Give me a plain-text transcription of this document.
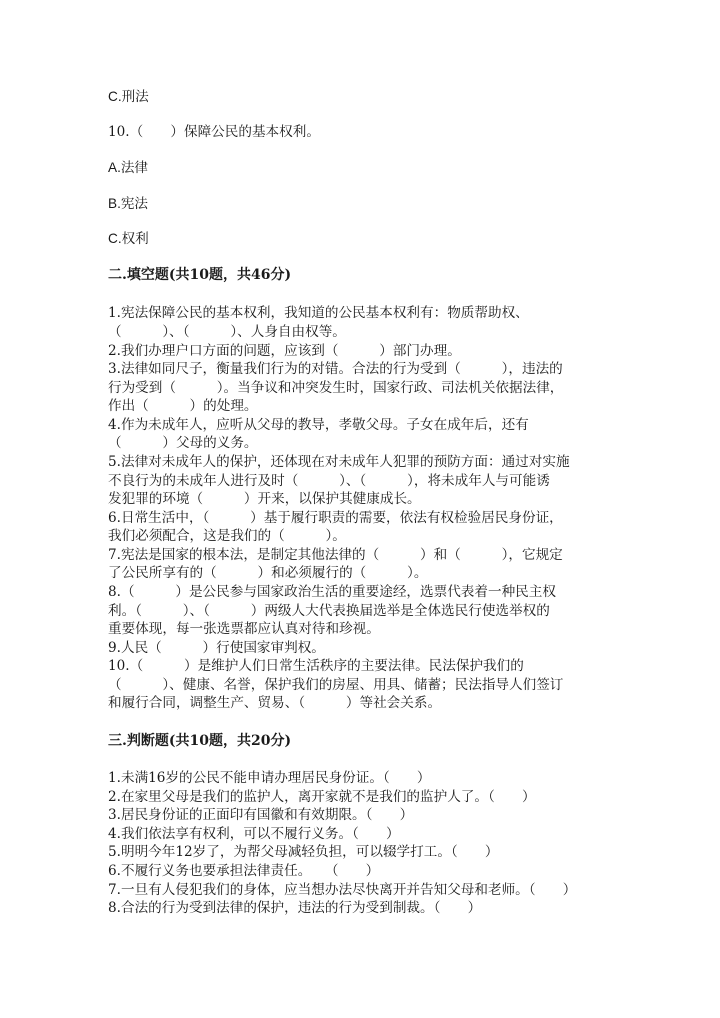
C.刑法
10.（　　）保障公民的基本权利。
A.法律
B.宪法
C.权利
二.填空题(共10题，共46分)
1.宪法保障公民的基本权利，我知道的公民基本权利有：物质帮助权、
（　　　）、（　　　）、人身自由权等。
2.我们办理户口方面的问题，应该到（　　　）部门办理。
3.法律如同尺子，衡量我们行为的对错。合法的行为受到（　　　），违法的
行为受到（　　　）。当争议和冲突发生时，国家行政、司法机关依据法律，
作出（　　　）的处理。
4.作为未成年人，应听从父母的教导，孝敬父母。子女在成年后，还有
（　　　）父母的义务。
5.法律对未成年人的保护，还体现在对未成年人犯罪的预防方面：通过对实施
不良行为的未成年人进行及时（　　　）、（　　　），将未成年人与可能诱
发犯罪的环境（　　　）开来，以保护其健康成长。
6.日常生活中，（　　　）基于履行职责的需要，依法有权检验居民身份证，
我们必须配合，这是我们的（　　　）。
7.宪法是国家的根本法，是制定其他法律的（　　　）和（　　　），它规定
了公民所享有的（　　　）和必须履行的（　　　）。
8.（　　　）是公民参与国家政治生活的重要途经，选票代表着一种民主权
利。（　　　）、（　　　）两级人大代表换届选举是全体选民行使选举权的
重要体现，每一张选票都应认真对待和珍视。
9.人民（　　　）行使国家审判权。
10.（　　　）是维护人们日常生活秩序的主要法律。民法保护我们的
（　　　）、健康、名誉，保护我们的房屋、用具、储蓄；民法指导人们签订
和履行合同，调整生产、贸易、（　　　）等社会关系。
三.判断题(共10题，共20分)
1.未满16岁的公民不能申请办理居民身份证。（　　）
2.在家里父母是我们的监护人，离开家就不是我们的监护人了。（　　）
3.居民身份证的正面印有国徽和有效期限。（　　）
4.我们依法享有权利，可以不履行义务。（　　）
5.明明今年12岁了，为帮父母减轻负担，可以辍学打工。（　　）
6.不履行义务也要承担法律责任。　　（　　）
7.一旦有人侵犯我们的身体，应当想办法尽快离开并告知父母和老师。（　　）
8.合法的行为受到法律的保护，违法的行为受到制裁。（　　）
